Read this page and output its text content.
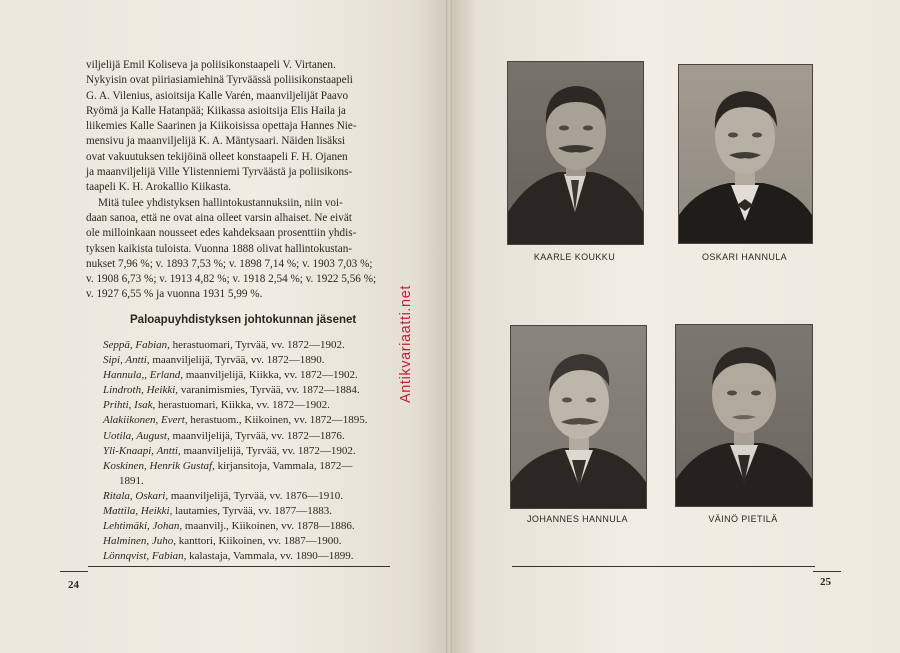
viljelijä Emil Koliseva ja poliisikonstaapeli V. Virtanen.
Nykyisin ovat piiriasiamiehinä Tyrväässä poliisikonstaapeli
G. A. Vilenius, asioitsija Kalle Varén, maanviljelijät Paavo
Ryömä ja Kalle Hatanpää; Kiikassa asioitsija Elis Haila ja
liikemies Kalle Saarinen ja Kiikoisissa opettaja Hannes Nie-
mensivu ja maanviljelijä K. A. Mäntysaari. Näiden lisäksi
ovat vakuutuksen tekijöinä olleet konstaapeli F. H. Ojanen
ja maanviljelijä Ville Ylistenniemi Tyrväästä ja poliisikons-
taapeli K. H. Arokallio Kiikasta.

Mitä tulee yhdistyksen hallintokustannuksiin, niin voi-
daan sanoa, että ne ovat aina olleet varsin alhaiset. Ne eivät
ole milloinkaan nousseet edes kahdeksaan prosenttiin yhdis-
tyksen kaikista tuloista. Vuonna 1888 olivat hallintokustan-
nukset 7,96 %; v. 1893 7,53 %; v. 1898 7,14 %; v. 1903 7,03 %;
v. 1908 6,73 %; v. 1913 4,82 %; v. 1918 2,54 %; v. 1922 5,56 %;
v. 1927 6,55 % ja vuonna 1931 5,99 %.

Paloapuyhdistyksen johtokunnan jäsenet
Seppä, Fabian, herastuomari, Tyrvää, vv. 1872—1902.
Sipi, Antti, maanviljelijä, Tyrvää, vv. 1872—1890.
Hannula,, Erland, maanviljelijä, Kiikka, vv. 1872—1902.
Lindroth, Heikki, varanimismies, Tyrvää, vv. 1872—1884.
Prihti, Isak, herastuomari, Kiikka, vv. 1872—1902.
Alakiikonen, Evert, herastuom., Kiikoinen, vv. 1872—1895.
Uotila, August, maanviljelijä, Tyrvää, vv. 1872—1876.
Yli-Knaapi, Antti, maanviljelijä, Tyrvää, vv. 1872—1902.
Koskinen, Henrik Gustaf, kirjansitoja, Vammala, 1872—
1891.
Ritala, Oskari, maanviljelijä, Tyrvää, vv. 1876—1910.
Mattila, Heikki, lautamies, Tyrvää, vv. 1877—1883.
Lehtimäki, Johan, maanvilj., Kiikoinen, vv. 1878—1886.
Halminen, Juho, kanttori, Kiikoinen, vv. 1887—1900.
Lönnqvist, Fabian, kalastaja, Vammala, vv. 1890—1899.
24
Antikvariaatti.net
KAARLE KOUKKU	OSKARI HANNULA
JOHANNES HANNULA	VÄINÖ PIETILÄ
25
